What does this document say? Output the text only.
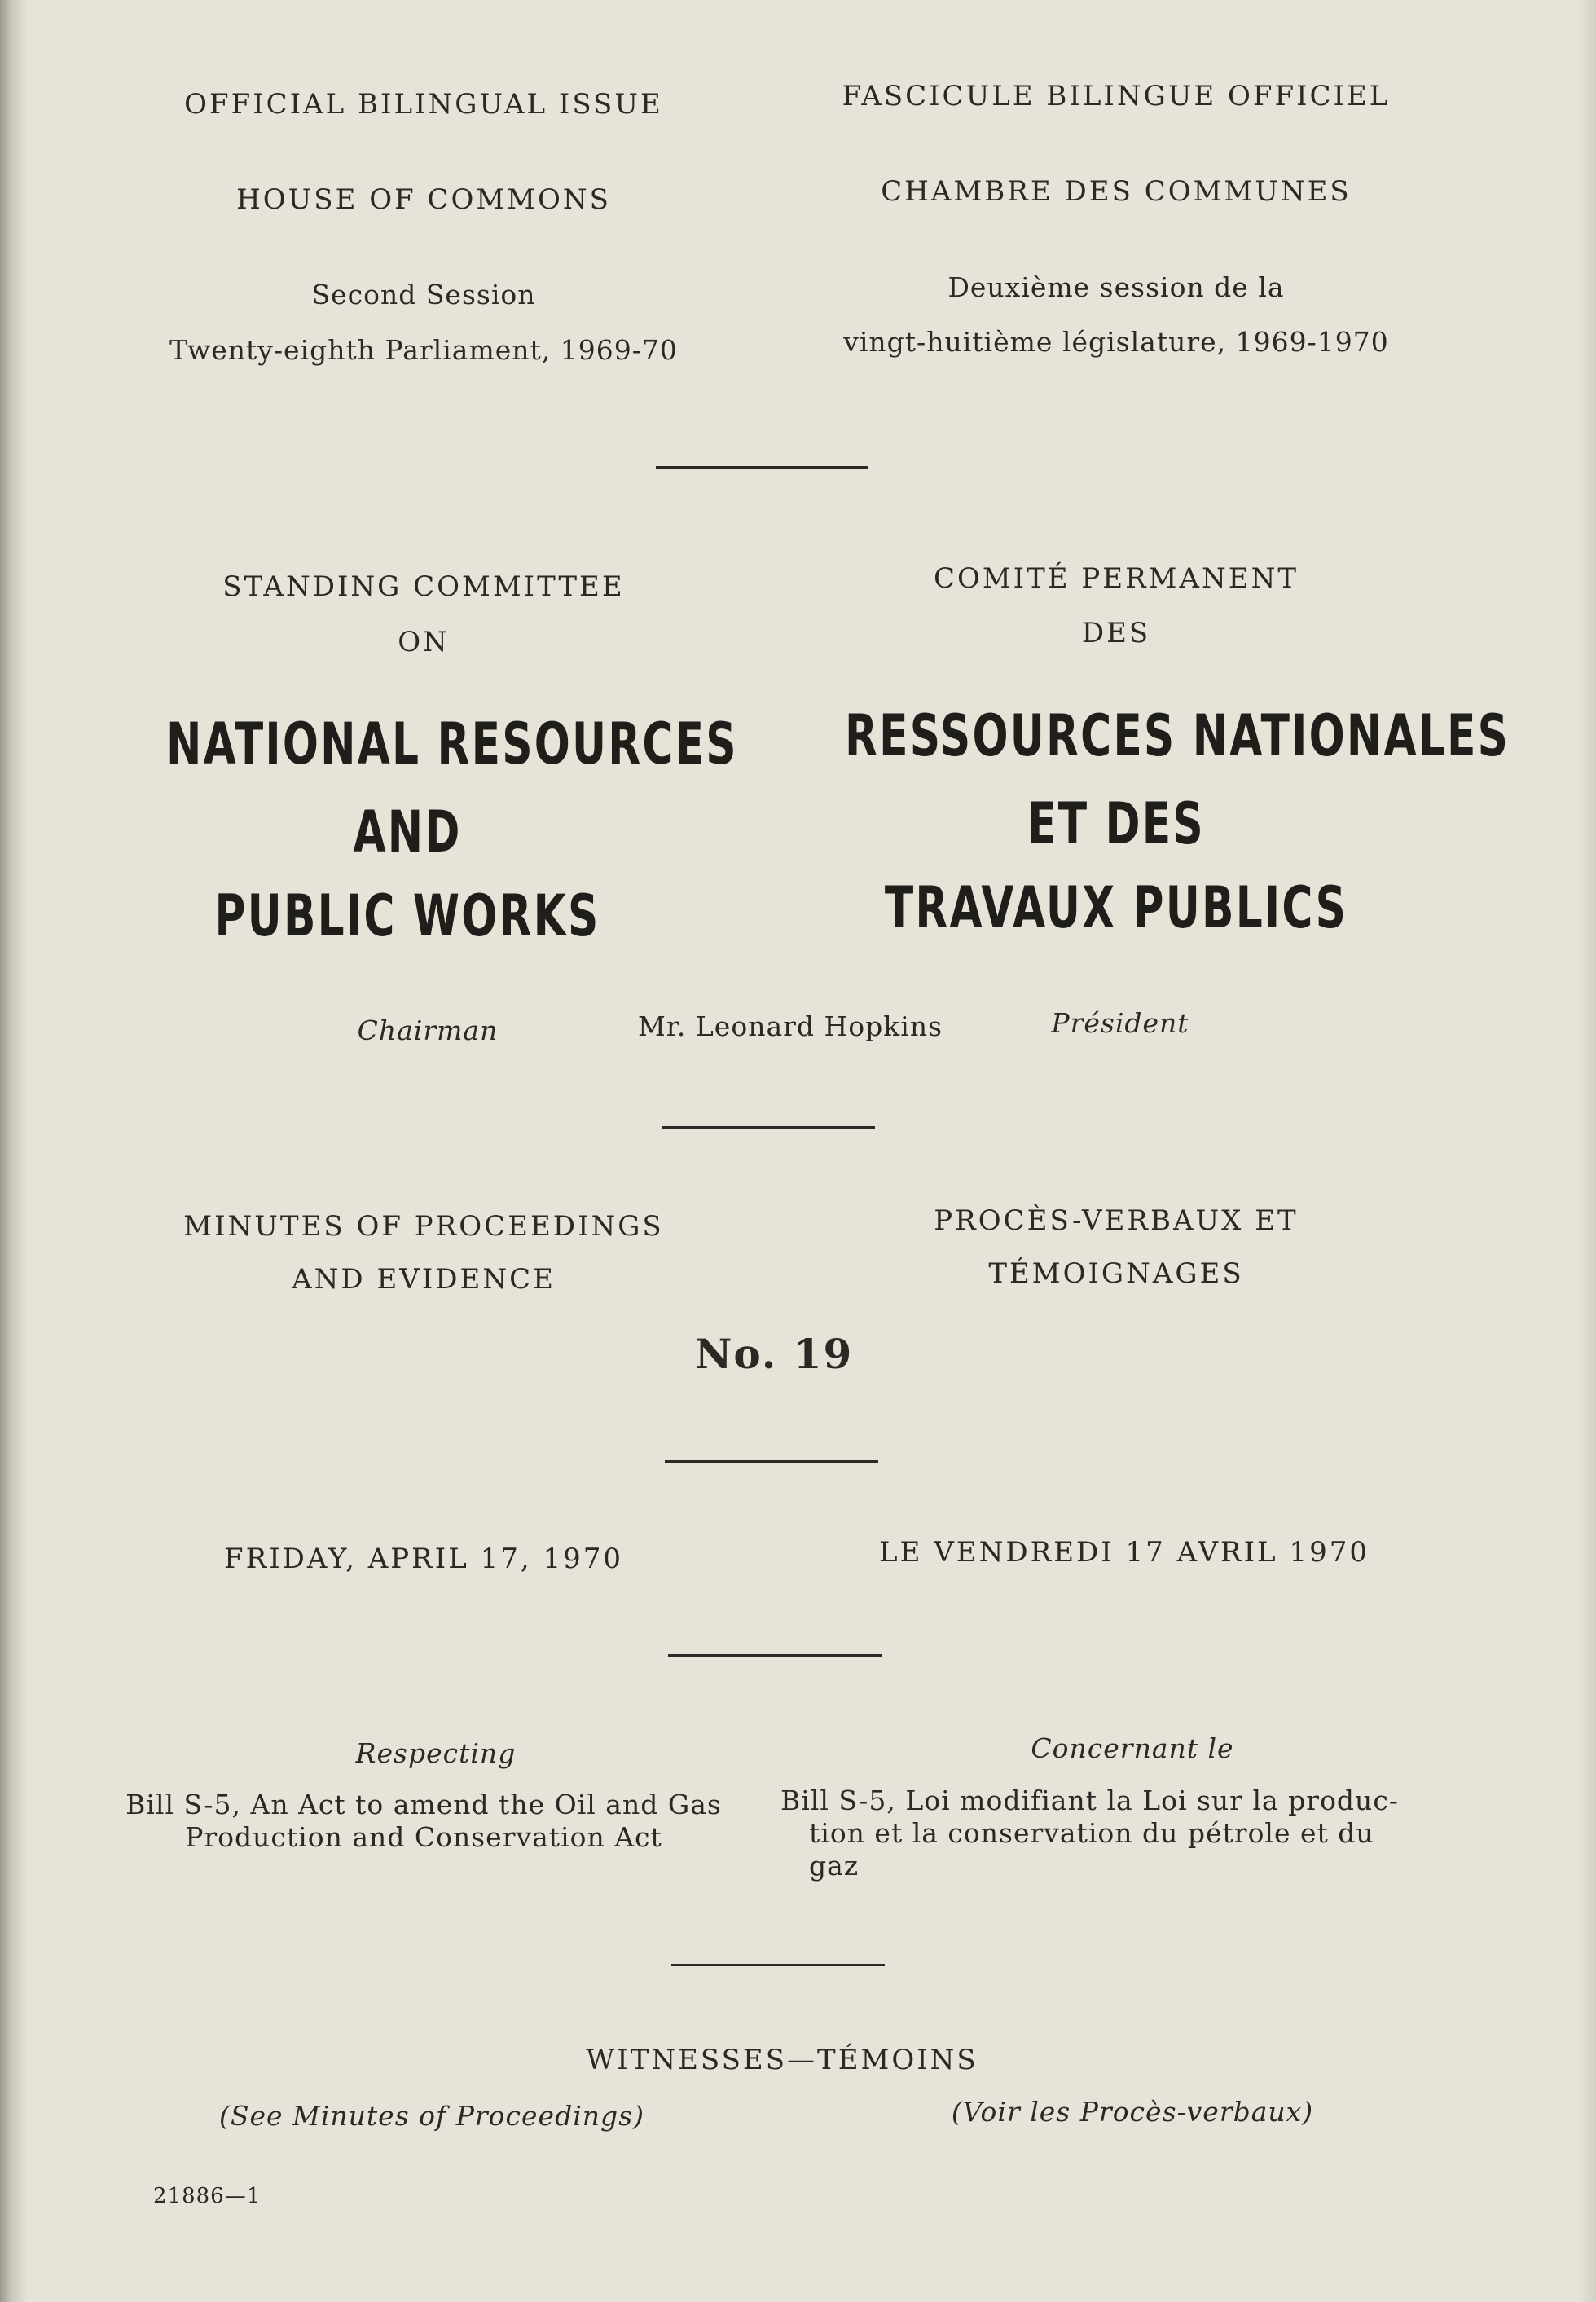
OFFICIAL BILINGUAL ISSUE	FASCICULE BILINGUE OFFICIEL
HOUSE OF COMMONS	CHAMBRE DES COMMUNES
Second Session
Twenty-eighth Parliament, 1969-70
Deuxième session de la
vingt-huitième législature, 1969-1970
STANDING COMMITTEE
ON
COMITÉ PERMANENT
DES
NATIONAL RESOURCES
AND
PUBLIC WORKS
RESSOURCES NATIONALES
ET DES
TRAVAUX PUBLICS
Chairman	Mr. Leonard Hopkins	Président
MINUTES OF PROCEEDINGS
AND EVIDENCE
PROCÈS-VERBAUX ET
TÉMOIGNAGES
No. 19
FRIDAY, APRIL 17, 1970	LE VENDREDI 17 AVRIL 1970
Respecting	Concernant le
Bill S-5, An Act to amend the Oil and Gas
Production and Conservation Act
Bill S-5, Loi modifiant la Loi sur la produc-
tion et la conservation du pétrole et du
gaz
WITNESSES—TÉMOINS
(See Minutes of Proceedings)	(Voir les Procès-verbaux)
21886—1
